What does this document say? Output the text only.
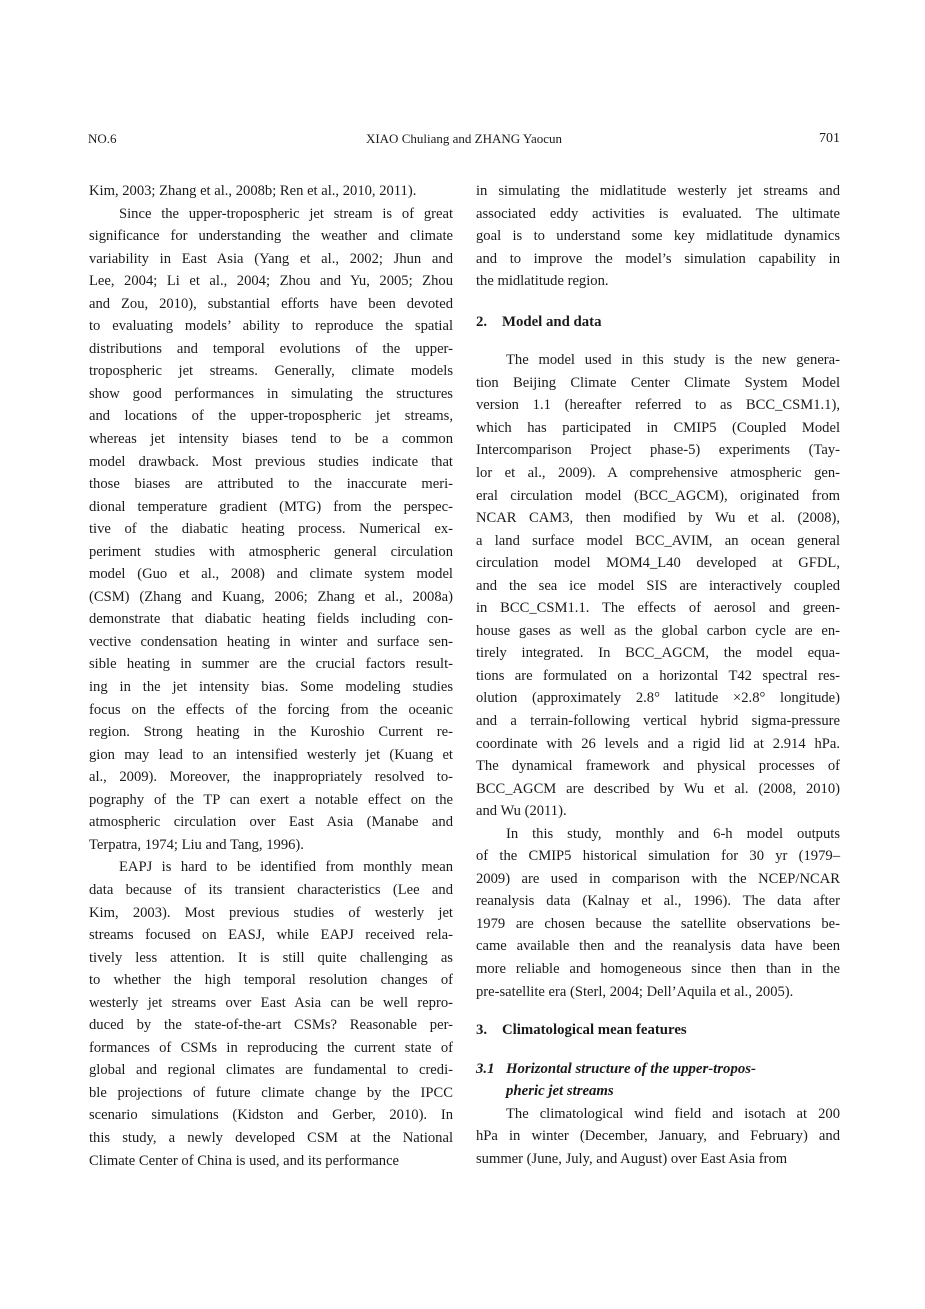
NO.6	XIAO Chuliang and ZHANG Yaocun	701
Kim, 2003; Zhang et al., 2008b; Ren et al., 2010, 2011).
Since the upper-tropospheric jet stream is of great
significance for understanding the weather and climate
variability in East Asia (Yang et al., 2002; Jhun and
Lee, 2004; Li et al., 2004; Zhou and Yu, 2005; Zhou
and Zou, 2010), substantial efforts have been devoted
to evaluating models’ ability to reproduce the spatial
distributions and temporal evolutions of the upper-
tropospheric jet streams. Generally, climate models
show good performances in simulating the structures
and locations of the upper-tropospheric jet streams,
whereas jet intensity biases tend to be a common
model drawback. Most previous studies indicate that
those biases are attributed to the inaccurate meri-
dional temperature gradient (MTG) from the perspec-
tive of the diabatic heating process. Numerical ex-
periment studies with atmospheric general circulation
model (Guo et al., 2008) and climate system model
(CSM) (Zhang and Kuang, 2006; Zhang et al., 2008a)
demonstrate that diabatic heating fields including con-
vective condensation heating in winter and surface sen-
sible heating in summer are the crucial factors result-
ing in the jet intensity bias. Some modeling studies
focus on the effects of the forcing from the oceanic
region. Strong heating in the Kuroshio Current re-
gion may lead to an intensified westerly jet (Kuang et
al., 2009). Moreover, the inappropriately resolved to-
pography of the TP can exert a notable effect on the
atmospheric circulation over East Asia (Manabe and
Terpatra, 1974; Liu and Tang, 1996).
EAPJ is hard to be identified from monthly mean
data because of its transient characteristics (Lee and
Kim, 2003). Most previous studies of westerly jet
streams focused on EASJ, while EAPJ received rela-
tively less attention. It is still quite challenging as
to whether the high temporal resolution changes of
westerly jet streams over East Asia can be well repro-
duced by the state-of-the-art CSMs? Reasonable per-
formances of CSMs in reproducing the current state of
global and regional climates are fundamental to credi-
ble projections of future climate change by the IPCC
scenario simulations (Kidston and Gerber, 2010). In
this study, a newly developed CSM at the National
Climate Center of China is used, and its performance
in simulating the midlatitude westerly jet streams and
associated eddy activities is evaluated. The ultimate
goal is to understand some key midlatitude dynamics
and to improve the model’s simulation capability in
the midlatitude region.
2. Model and data
The model used in this study is the new genera-
tion Beijing Climate Center Climate System Model
version 1.1 (hereafter referred to as BCC_CSM1.1),
which has participated in CMIP5 (Coupled Model
Intercomparison Project phase-5) experiments (Tay-
lor et al., 2009). A comprehensive atmospheric gen-
eral circulation model (BCC_AGCM), originated from
NCAR CAM3, then modified by Wu et al. (2008),
a land surface model BCC_AVIM, an ocean general
circulation model MOM4_L40 developed at GFDL,
and the sea ice model SIS are interactively coupled
in BCC_CSM1.1. The effects of aerosol and green-
house gases as well as the global carbon cycle are en-
tirely integrated. In BCC_AGCM, the model equa-
tions are formulated on a horizontal T42 spectral res-
olution (approximately 2.8° latitude ×2.8° longitude)
and a terrain-following vertical hybrid sigma-pressure
coordinate with 26 levels and a rigid lid at 2.914 hPa.
The dynamical framework and physical processes of
BCC_AGCM are described by Wu et al. (2008, 2010)
and Wu (2011).
In this study, monthly and 6-h model outputs
of the CMIP5 historical simulation for 30 yr (1979–
2009) are used in comparison with the NCEP/NCAR
reanalysis data (Kalnay et al., 1996). The data after
1979 are chosen because the satellite observations be-
came available then and the reanalysis data have been
more reliable and homogeneous since then than in the
pre-satellite era (Sterl, 2004; Dell’Aquila et al., 2005).
3. Climatological mean features
3.1 Horizontal structure of the upper-tropos-
pheric jet streams
The climatological wind field and isotach at 200
hPa in winter (December, January, and February) and
summer (June, July, and August) over East Asia from
